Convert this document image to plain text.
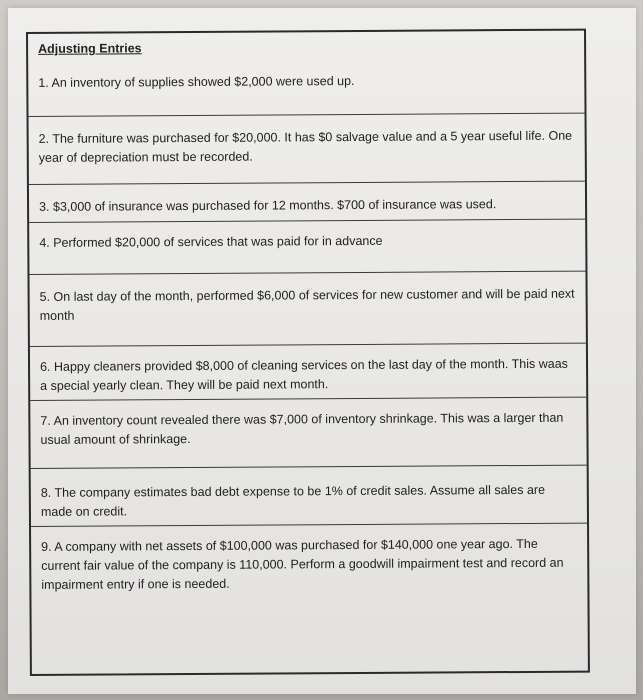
Adjusting Entries
1. An inventory of supplies showed $2,000 were used up.
2. The furniture was purchased for $20,000. It has $0 salvage value and a 5 year useful life. One year of depreciation must be recorded.
3. $3,000 of insurance was purchased for 12 months. $700 of insurance was used.
4. Performed $20,000 of services that was paid for in advance
5. On last day of the month, performed $6,000 of services for new customer and will be paid next month
6. Happy cleaners provided $8,000 of cleaning services on the last day of the month. This waas a special yearly clean. They will be paid next month.
7. An inventory count revealed there was $7,000 of inventory shrinkage. This was a larger than usual amount of shrinkage.
8. The company estimates bad debt expense to be 1% of credit sales. Assume all sales are made on credit.
9. A company with net assets of $100,000 was purchased for $140,000 one year ago. The current fair value of the company is 110,000. Perform a goodwill impairment test and record an impairment entry if one is needed.
